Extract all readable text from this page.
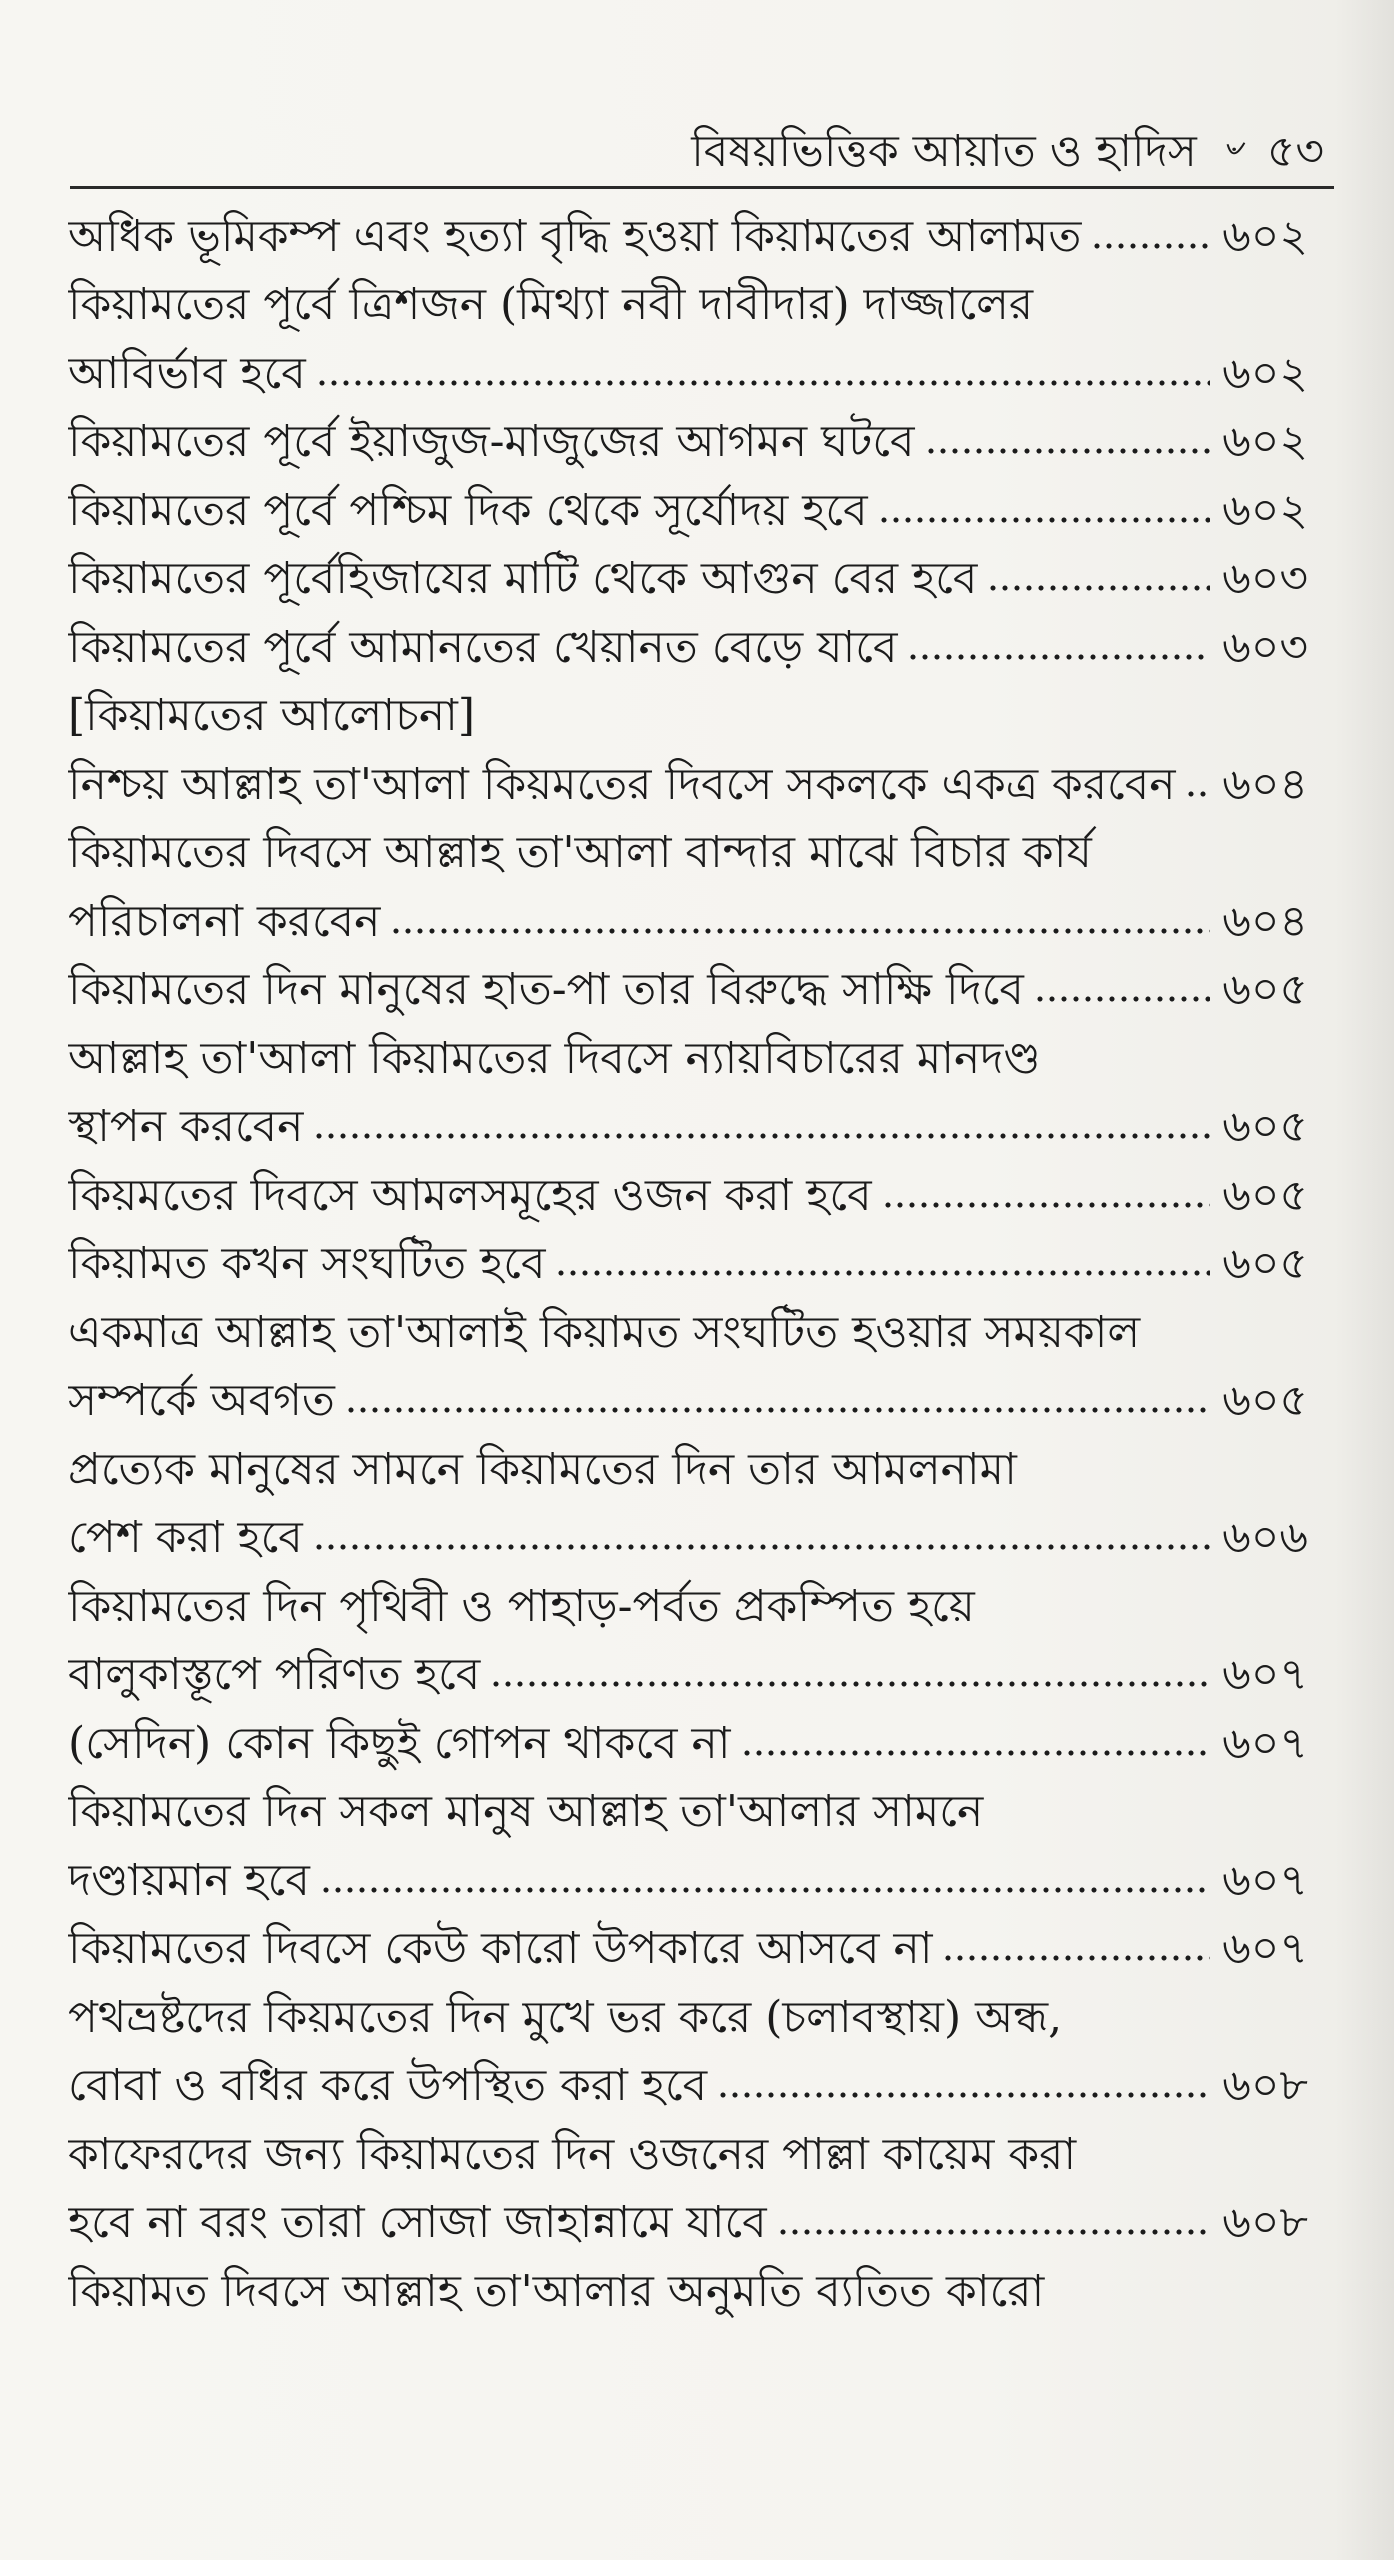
বিষয়ভিত্তিক আয়াত ও হাদিস ৺ ৫৩
অধিক ভূমিকম্প এবং হত্যা বৃদ্ধি হওয়া কিয়ামতের আলামত	৬০২
কিয়ামতের পূর্বে ত্রিশজন (মিথ্যা নবী দাবীদার) দাজ্জালের
আবির্ভাব হবে	৬০২
কিয়ামতের পূর্বে ইয়াজুজ-মাজুজের আগমন ঘটবে	৬০২
কিয়ামতের পূর্বে পশ্চিম দিক থেকে সূর্যোদয় হবে	৬০২
কিয়ামতের পূর্বেহিজাযের মাটি থেকে আগুন বের হবে	৬০৩
কিয়ামতের পূর্বে আমানতের খেয়ানত বেড়ে যাবে	৬০৩
[কিয়ামতের আলোচনা]
নিশ্চয় আল্লাহ তা'আলা কিয়মতের দিবসে সকলকে একত্র করবেন ৬০৪
কিয়ামতের দিবসে আল্লাহ তা'আলা বান্দার মাঝে বিচার কার্য
পরিচালনা করবেন	৬০৪
কিয়ামতের দিন মানুষের হাত-পা তার বিরুদ্ধে সাক্ষি দিবে	৬০৫
আল্লাহ তা'আলা কিয়ামতের দিবসে ন্যায়বিচারের মানদণ্ড
স্থাপন করবেন	৬০৫
কিয়মতের দিবসে আমলসমূহের ওজন করা হবে	৬০৫
কিয়ামত কখন সংঘটিত হবে	৬০৫
একমাত্র আল্লাহ তা'আলাই কিয়ামত সংঘটিত হওয়ার সময়কাল
সম্পর্কে অবগত	৬০৫
প্রত্যেক মানুষের সামনে কিয়ামতের দিন তার আমলনামা
পেশ করা হবে	৬০৬
কিয়ামতের দিন পৃথিবী ও পাহাড়-পর্বত প্রকম্পিত হয়ে
বালুকাস্তূপে পরিণত হবে	৬০৭
(সেদিন) কোন কিছুই গোপন থাকবে না	৬০৭
কিয়ামতের দিন সকল মানুষ আল্লাহ তা'আলার সামনে
দণ্ডায়মান হবে	৬০৭
কিয়ামতের দিবসে কেউ কারো উপকারে আসবে না	৬০৭
পথভ্রষ্টদের কিয়মতের দিন মুখে ভর করে (চলাবস্থায়) অন্ধ,
বোবা ও বধির করে উপস্থিত করা হবে	৬০৮
কাফেরদের জন্য কিয়ামতের দিন ওজনের পাল্লা কায়েম করা
হবে না বরং তারা সোজা জাহান্নামে যাবে	৬০৮
কিয়ামত দিবসে আল্লাহ তা'আলার অনুমতি ব্যতিত কারো
